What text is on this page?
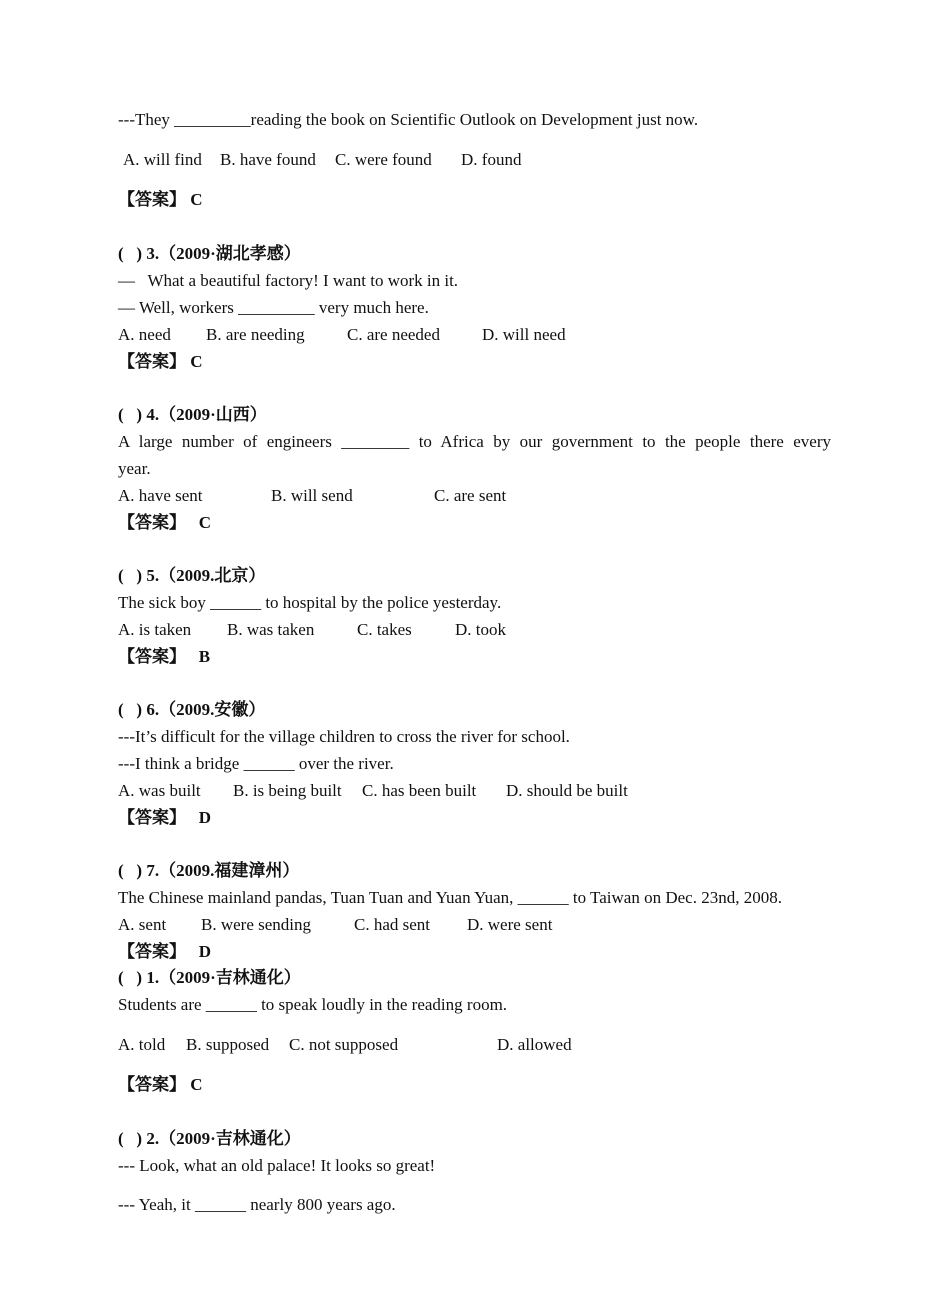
---They _________reading the book on Scientific Outlook on Development just now.
A. will find B. have found C. were found D. found
【答案】 C
(   ) 3.（2009·湖北孝感）
—   What a beautiful factory! I want to work in it.
— Well, workers _________ very much here.
A. need B. are needing C. are needed D. will need
【答案】 C
(   ) 4.（2009·山西）
A large number of engineers ________ to Africa by our government to the people there every
year.
A. have sent	B. will send	C. are sent
【答案】 C
(   ) 5.（2009.北京）
The sick boy ______ to hospital by the police yesterday.
A. is taken B. was taken	C. takes	D. took
【答案】 B
(   ) 6.（2009.安徽）
---It’s difficult for the village children to cross the river for school.
---I think a bridge ______ over the river.
A. was built B. is being built C. has been built D. should be built
【答案】 D
(   ) 7.（2009.福建漳州）
The Chinese mainland pandas, Tuan Tuan and Yuan Yuan, ______ to Taiwan on Dec. 23nd, 2008.
A. sent B. were sending	C. had sent D. were sent
【答案】 D
(   ) 1.（2009·吉林通化）
Students are ______ to speak loudly in the reading room.
A. told B. supposed C. not supposed	D. allowed
【答案】 C
(   ) 2.（2009·吉林通化）
--- Look, what an old palace! It looks so great!
--- Yeah, it ______ nearly 800 years ago.
